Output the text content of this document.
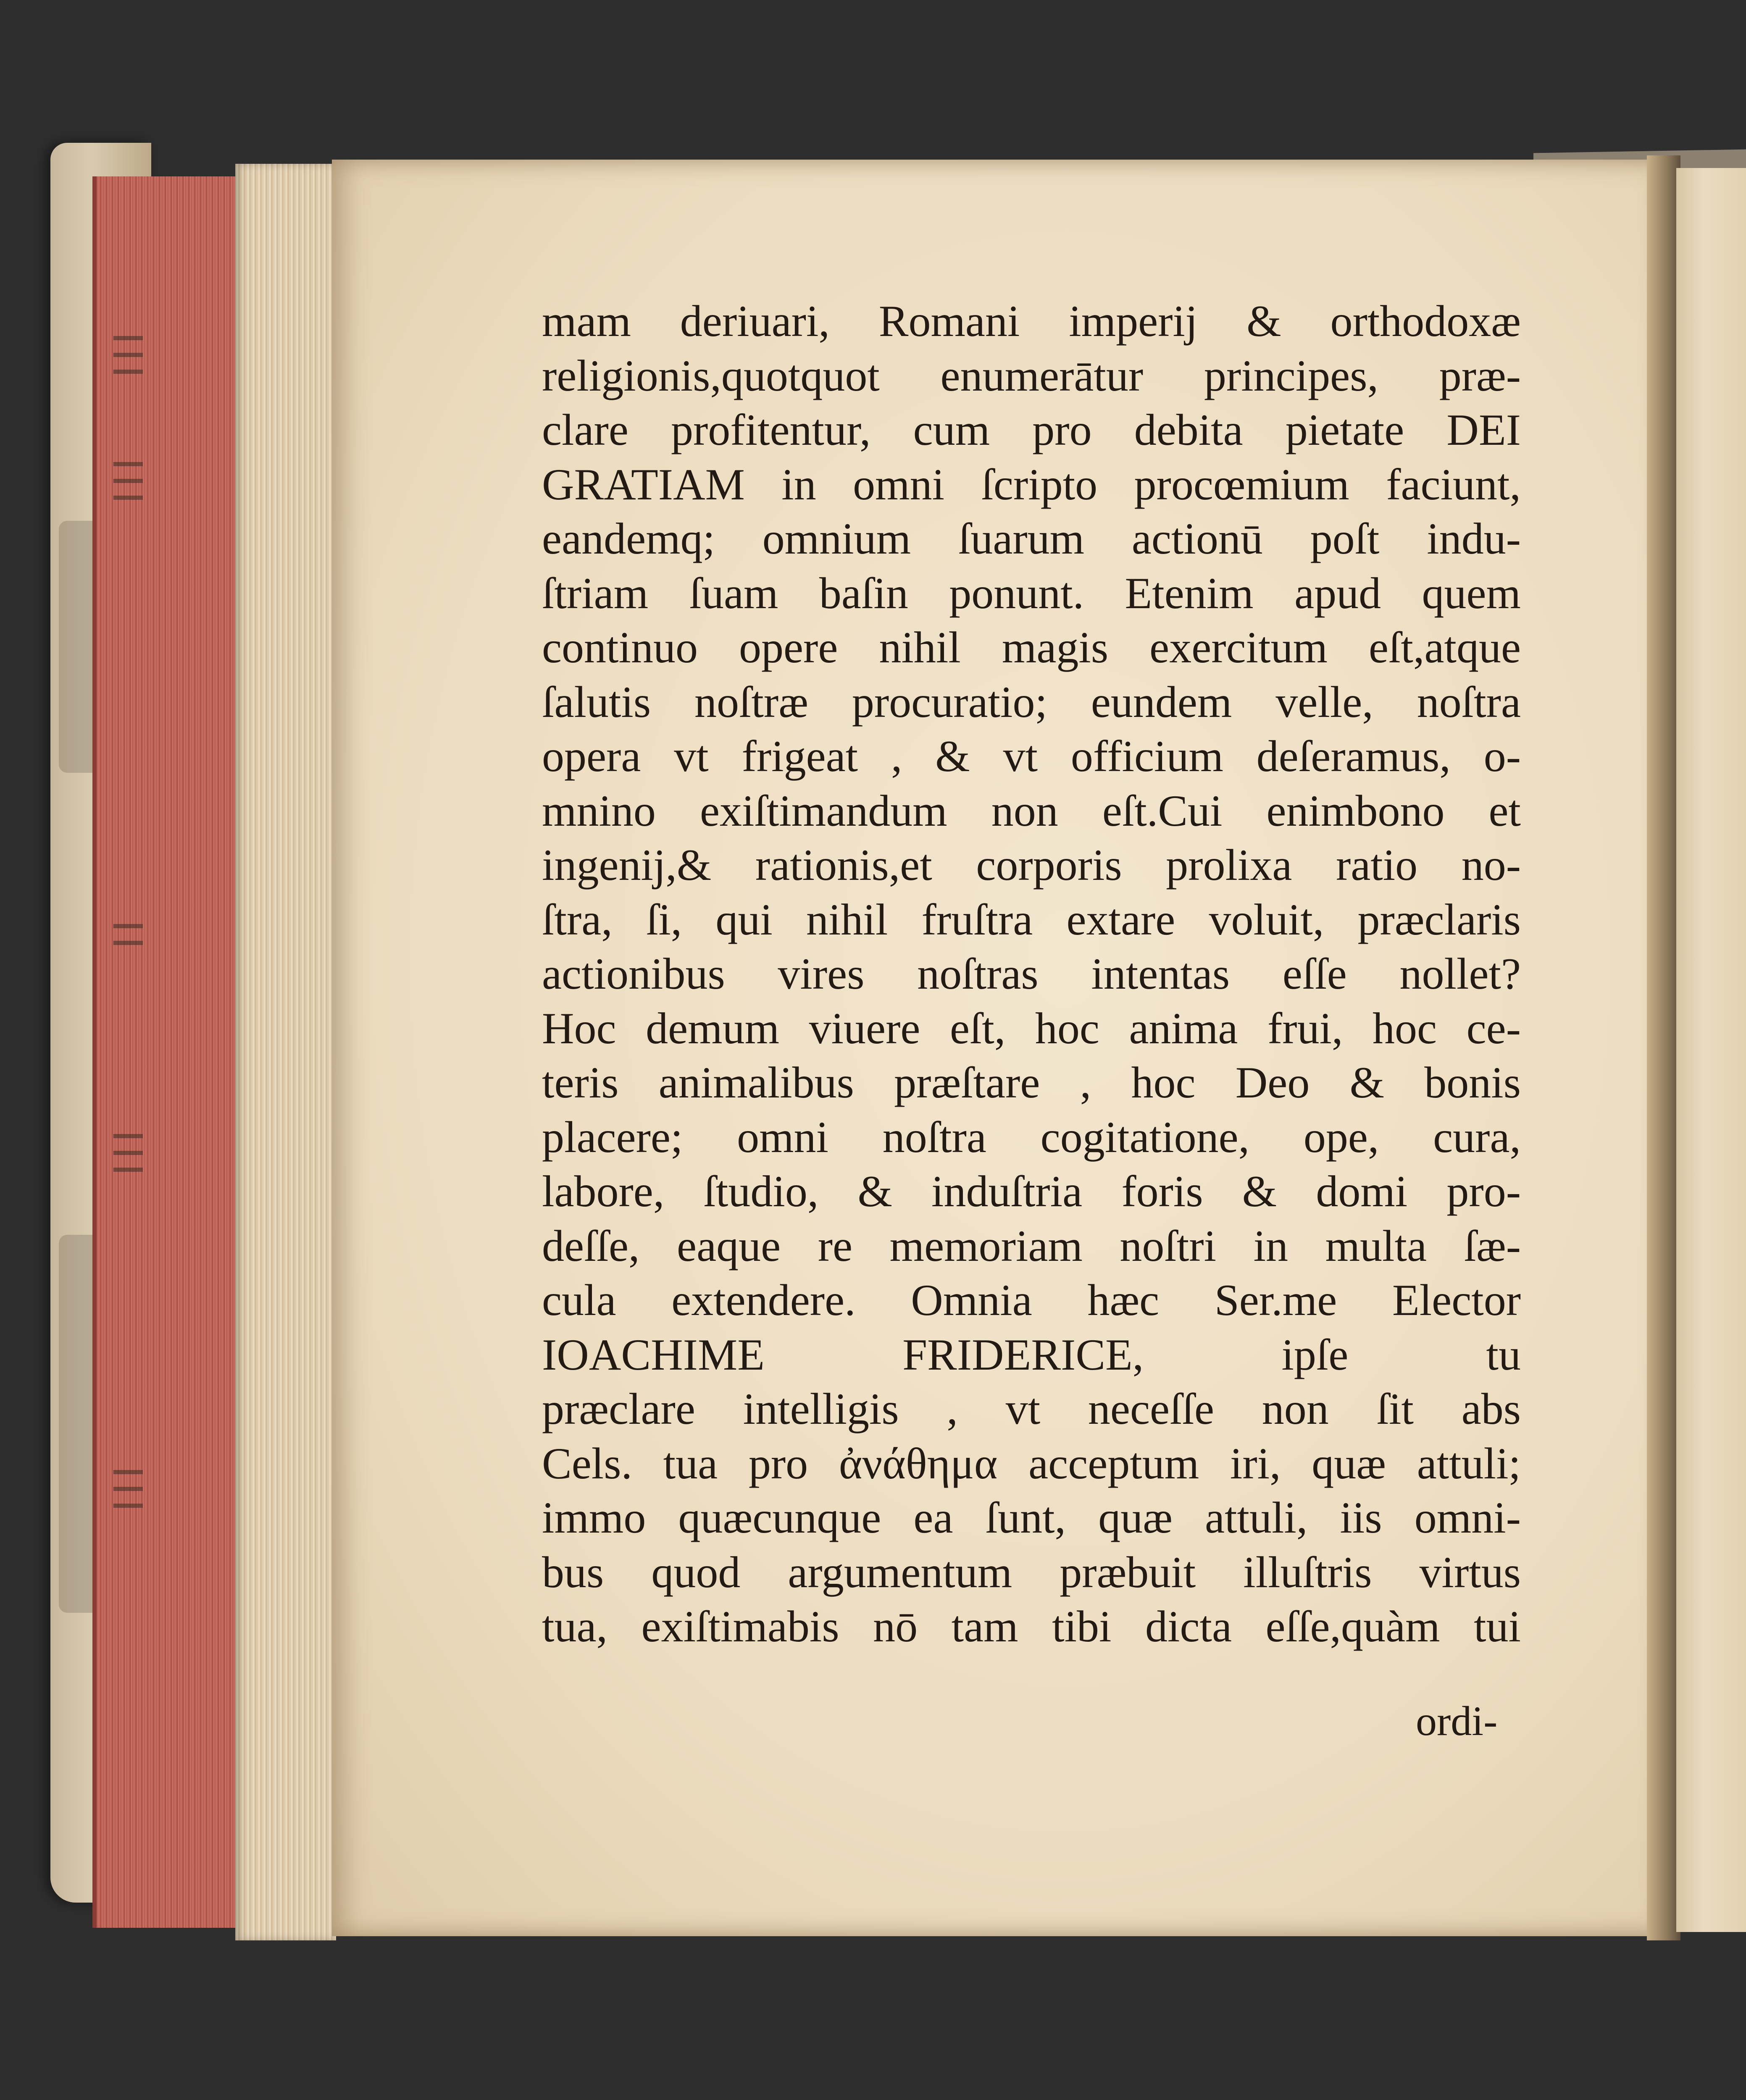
mam deriuari, Romani imperij & orthodoxæ
religionis,quotquot enumerātur principes, præ-
clare profitentur, cum pro debita pietate DEI
GRATIAM in omni ſcripto procœmium faciunt,
eandemq; omnium ſuarum actionū poſt indu-
ſtriam ſuam baſin ponunt. Etenim apud quem
continuo opere nihil magis exercitum eſt,atque
ſalutis noſtræ procuratio; eundem velle, noſtra
opera vt frigeat , & vt officium deſeramus, o-
mnino exiſtimandum non eſt.Cui enimbono et
ingenij,& rationis,et corporis prolixa ratio no-
ſtra, ſi, qui nihil fruſtra extare voluit, præclaris
actionibus vires noſtras intentas eſſe nollet?
Hoc demum viuere eſt, hoc anima frui, hoc ce-
teris animalibus præſtare , hoc Deo & bonis
placere; omni noſtra cogitatione, ope, cura,
labore, ſtudio, & induſtria foris & domi pro-
deſſe, eaque re memoriam noſtri in multa ſæ-
cula extendere. Omnia hæc Ser.me Elector
IOACHIME FRIDERICE, ipſe tu
præclare intelligis , vt neceſſe non ſit abs
Cels. tua pro ἀνάθημα acceptum iri, quæ attuli;
immo quæcunque ea ſunt, quæ attuli, iis omni-
bus quod argumentum præbuit illuſtris virtus
tua, exiſtimabis nō tam tibi dicta eſſe,quàm tui
ordi-
